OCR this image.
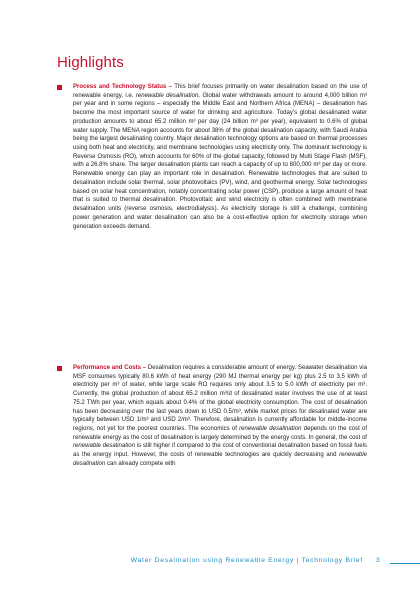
Highlights

Process and Technology Status – This brief focuses primarily on water desalination based on the use of renewable energy, i.e. renewable desalination. Global water withdrawals amount to around 4,000 billion m³ per year and in some regions – especially the Middle East and Northern Africa (MENA) – desalination has become the most important source of water for drinking and agriculture. Today’s global desalinated water production amounts to about 65.2 million m³ per day (24 billion m³ per year), equivalent to 0.6% of global water supply. The MENA region accounts for about 38% of the global desalination capacity, with Saudi Arabia being the largest desalinating country. Major desalination technology options are based on thermal processes using both heat and electricity, and membrane technologies using electricity only. The dominant technology is Reverse Osmosis (RO), which accounts for 60% of the global capacity, followed by Multi Stage Flash (MSF), with a 26.8% share. The larger desalination plants can reach a capacity of up to 800,000 m³ per day or more. Renewable energy can play an important role in desalination. Renewable technologies that are suited to desalination include solar thermal, solar photovoltaics (PV), wind, and geothermal energy. Solar technologies based on solar heat concentration, notably concentrating solar power (CSP), produce a large amount of heat that is suited to thermal desalination. Photovoltaic and wind electricity is often combined with membrane desalination units (reverse osmosis, electrodialysis). As electricity storage is still a challenge, combining power generation and water desalination can also be a cost-effective option for electricity storage when generation exceeds demand.

Performance and Costs – Desalination requires a considerable amount of energy. Seawater desalination via MSF consumes typically 80.6 kWh of heat energy (290 MJ thermal energy per kg) plus 2.5 to 3.5 kWh of electricity per m³ of water, while large scale RO requires only about 3.5 to 5.0 kWh of electricity per m³. Currently, the global production of about 65.2 million m³/d of desalinated water involves the use of at least 75.2 TWh per year, which equals about 0.4% of the global electricity consumption. The cost of desalination has been decreasing over the last years down to USD 0.5/m³, while market prices for desalinated water are typically between USD 1/m³ and USD 2/m³. Therefore, desalination is currently affordable for middle-income regions, not yet for the poorest countries. The economics of renewable desalination depends on the cost of renewable energy as the cost of desalination is largely determined by the energy costs. In general, the cost of renewable desalination is still higher if compared to the cost of conventional desalination based on fossil fuels as the energy input. However, the costs of renewable technologies are quickly decreasing and renewable desalination can already compete with

Water Desalination using Renewable Energy | Technology Brief 3
